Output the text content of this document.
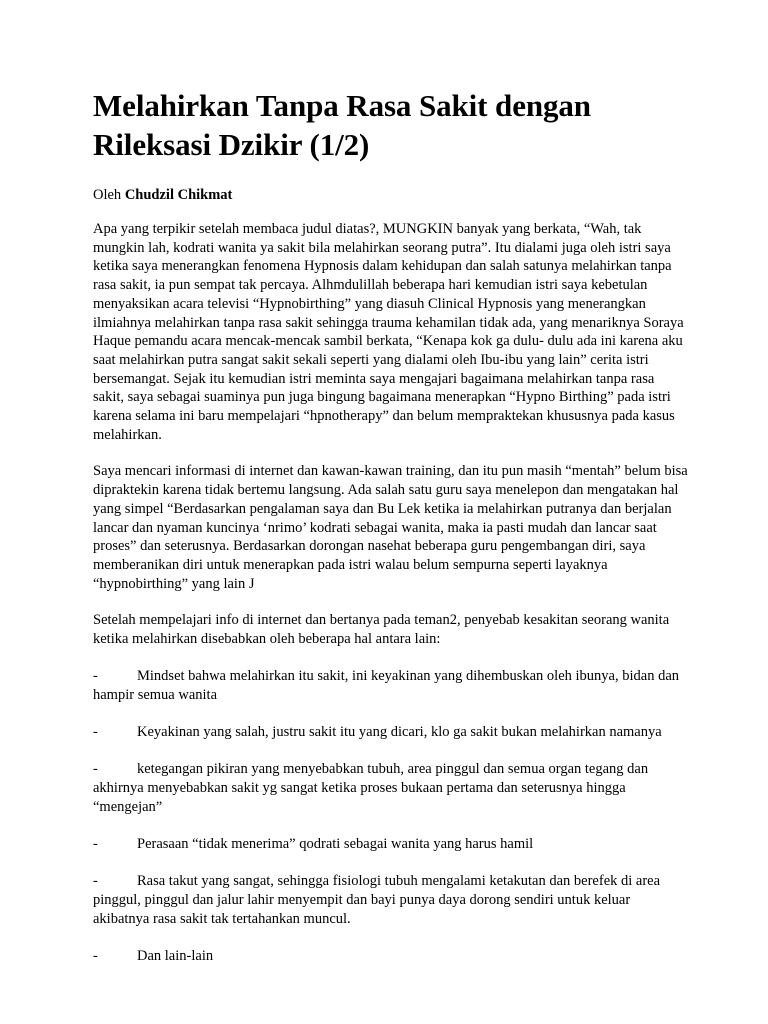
Melahirkan Tanpa Rasa Sakit dengan Rileksasi Dzikir (1/2)

Oleh Chudzil Chikmat

Apa yang terpikir setelah membaca judul diatas?, MUNGKIN banyak yang berkata, “Wah, tak mungkin lah, kodrati wanita ya sakit bila melahirkan seorang putra”. Itu dialami juga oleh istri saya ketika saya menerangkan fenomena Hypnosis dalam kehidupan dan salah satunya melahirkan tanpa rasa sakit, ia pun sempat tak percaya. Alhmdulillah beberapa hari kemudian istri saya kebetulan menyaksikan acara televisi “Hypnobirthing” yang diasuh Clinical Hypnosis yang menerangkan ilmiahnya melahirkan tanpa rasa sakit sehingga trauma kehamilan tidak ada, yang menariknya Soraya Haque pemandu acara mencak-mencak sambil berkata, “Kenapa kok ga dulu- dulu ada ini karena aku saat melahirkan putra sangat sakit sekali seperti yang dialami oleh Ibu-ibu yang lain” cerita istri bersemangat. Sejak itu kemudian istri meminta saya mengajari bagaimana melahirkan tanpa rasa sakit, saya sebagai suaminya pun juga bingung bagaimana menerapkan “Hypno Birthing” pada istri karena selama ini baru mempelajari “hpnotherapy” dan belum mempraktekan khususnya pada kasus melahirkan.

Saya mencari informasi di internet dan kawan-kawan training, dan itu pun masih “mentah” belum bisa dipraktekin karena tidak bertemu langsung. Ada salah satu guru saya menelepon dan mengatakan hal yang simpel “Berdasarkan pengalaman saya dan Bu Lek ketika ia melahirkan putranya dan berjalan lancar dan nyaman kuncinya ‘nrimo’ kodrati sebagai wanita, maka ia pasti mudah dan lancar saat proses” dan seterusnya. Berdasarkan dorongan nasehat beberapa guru pengembangan diri, saya memberanikan diri untuk menerapkan pada istri walau belum sempurna seperti layaknya “hypnobirthing” yang lain J

Setelah mempelajari info di internet dan bertanya pada teman2, penyebab kesakitan seorang wanita ketika melahirkan disebabkan oleh beberapa hal antara lain:

-	Mindset bahwa melahirkan itu sakit, ini keyakinan yang dihembuskan oleh ibunya, bidan dan hampir semua wanita

-	Keyakinan yang salah, justru sakit itu yang dicari, klo ga sakit bukan melahirkan namanya

-	ketegangan pikiran yang menyebabkan tubuh, area pinggul dan semua organ tegang dan akhirnya menyebabkan sakit yg sangat ketika proses bukaan pertama dan seterusnya hingga “mengejan”

-	Perasaan “tidak menerima” qodrati sebagai wanita yang harus hamil

-	Rasa takut yang sangat, sehingga fisiologi tubuh mengalami ketakutan dan berefek di area pinggul, pinggul dan jalur lahir menyempit dan bayi punya daya dorong sendiri untuk keluar akibatnya rasa sakit tak tertahankan muncul.

-	Dan lain-lain
